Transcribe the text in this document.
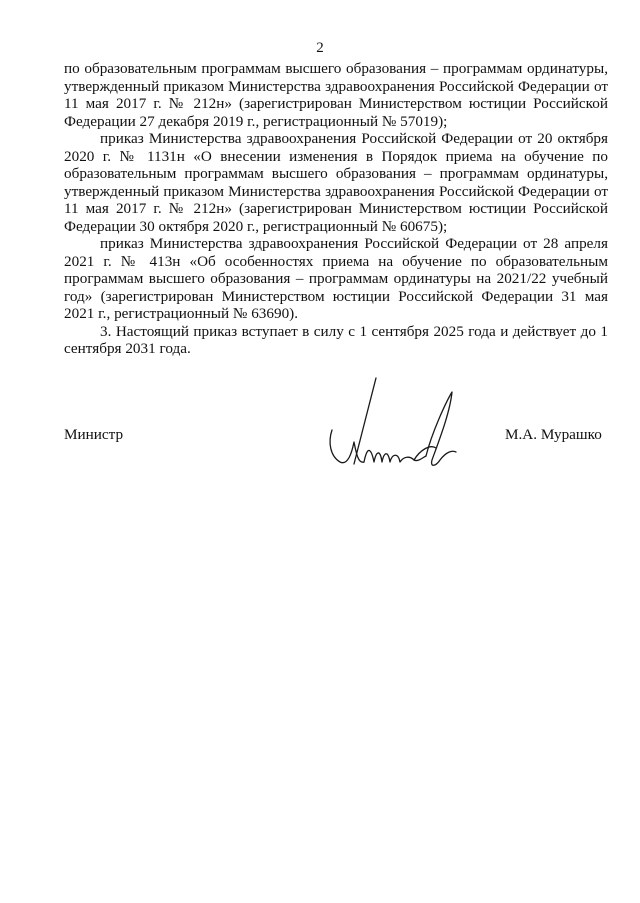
2

по образовательным программам высшего образования – программам ординатуры, утвержденный приказом Министерства здравоохранения Российской Федерации от 11 мая 2017 г. № 212н» (зарегистрирован Министерством юстиции Российской Федерации 27 декабря 2019 г., регистрационный № 57019);

приказ Министерства здравоохранения Российской Федерации от 20 октября 2020 г. № 1131н «О внесении изменения в Порядок приема на обучение по образовательным программам высшего образования – программам ординатуры, утвержденный приказом Министерства здравоохранения Российской Федерации от 11 мая 2017 г. № 212н» (зарегистрирован Министерством юстиции Российской Федерации 30 октября 2020 г., регистрационный № 60675);

приказ Министерства здравоохранения Российской Федерации от 28 апреля 2021 г. № 413н «Об особенностях приема на обучение по образовательным программам высшего образования – программам ординатуры на 2021/22 учебный год» (зарегистрирован Министерством юстиции Российской Федерации 31 мая 2021 г., регистрационный № 63690).

3. Настоящий приказ вступает в силу с 1 сентября 2025 года и действует до 1 сентября 2031 года.

Министр	М.А. Мурашко
